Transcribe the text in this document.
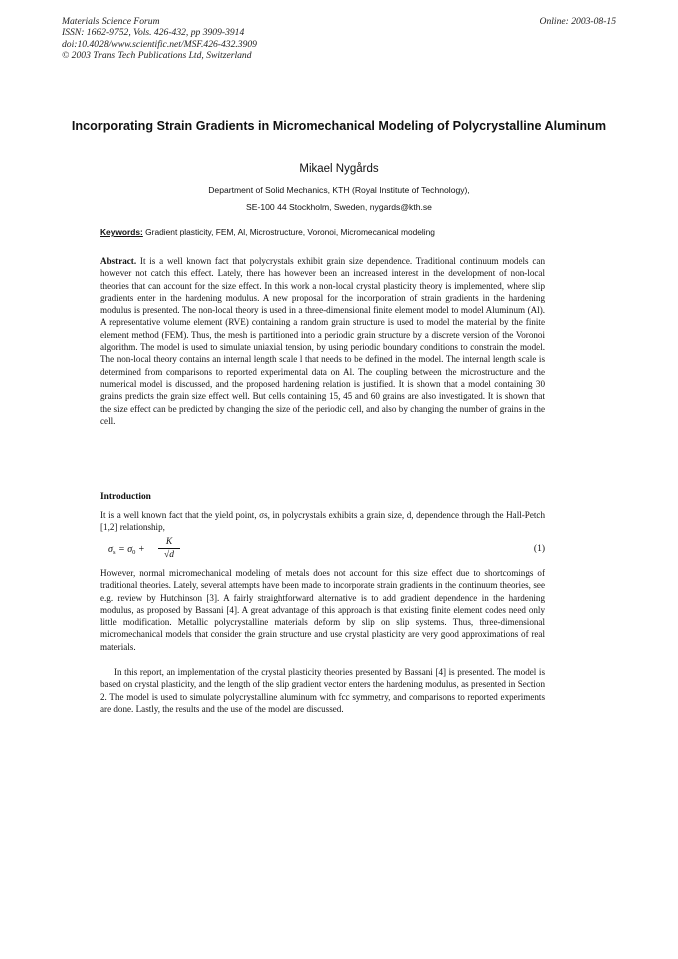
Materials Science Forum
ISSN: 1662-9752, Vols. 426-432, pp 3909-3914
doi:10.4028/www.scientific.net/MSF.426-432.3909
© 2003 Trans Tech Publications Ltd, Switzerland
Online: 2003-08-15
Incorporating Strain Gradients in Micromechanical Modeling of Polycrystalline Aluminum
Mikael Nygårds
Department of Solid Mechanics, KTH (Royal Institute of Technology),
SE-100 44 Stockholm, Sweden, nygards@kth.se
Keywords: Gradient plasticity, FEM, Al, Microstructure, Voronoi, Micromecanical modeling

Abstract. It is a well known fact that polycrystals exhibit grain size dependence. Traditional continuum models can however not catch this effect. Lately, there has however been an increased interest in the development of non-local theories that can account for the size effect. In this work a non-local crystal plasticity theory is implemented, where slip gradients enter in the hardening modulus. A new proposal for the incorporation of strain gradients in the hardening modulus is presented. The non-local theory is used in a three-dimensional finite element model to model Aluminum (Al). A representative volume element (RVE) containing a random grain structure is used to model the material by the finite element method (FEM). Thus, the mesh is partitioned into a periodic grain structure by a discrete version of the Voronoi algorithm. The model is used to simulate uniaxial tension, by using periodic boundary conditions to constrain the model. The non-local theory contains an internal length scale l that needs to be defined in the model. The internal length scale is determined from comparisons to reported experimental data on Al. The coupling between the microstructure and the numerical model is discussed, and the proposed hardening relation is justified. It is shown that a model containing 30 grains predicts the grain size effect well. But cells containing 15, 45 and 60 grains are also investigated. It is shown that the size effect can be predicted by changing the size of the periodic cell, and also by changing the number of grains in the cell.

Introduction

It is a well known fact that the yield point, σs, in polycrystals exhibits a grain size, d, dependence through the Hall-Petch [1,2] relationship,

$\sigma_s = \sigma_0$ +
K
√d
(1)

However, normal micromechanical modeling of metals does not account for this size effect due to shortcomings of traditional theories. Lately, several attempts have been made to incorporate strain gradients in the continuum theories, see e.g. review by Hutchinson [3]. A fairly straightforward alternative is to add gradient dependence in the hardening modulus, as proposed by Bassani [4]. A great advantage of this approach is that existing finite element codes need only little modification. Metallic polycrystalline materials deform by slip on slip systems. Thus, three-dimensional micromechanical models that consider the grain structure and use crystal plasticity are very good approximations of real materials.

In this report, an implementation of the crystal plasticity theories presented by Bassani [4] is presented. The model is based on crystal plasticity, and the length of the slip gradient vector enters the hardening modulus, as presented in Section 2. The model is used to simulate polycrystalline aluminum with fcc symmetry, and comparisons to reported experiments are done. Lastly, the results and the use of the model are discussed.
